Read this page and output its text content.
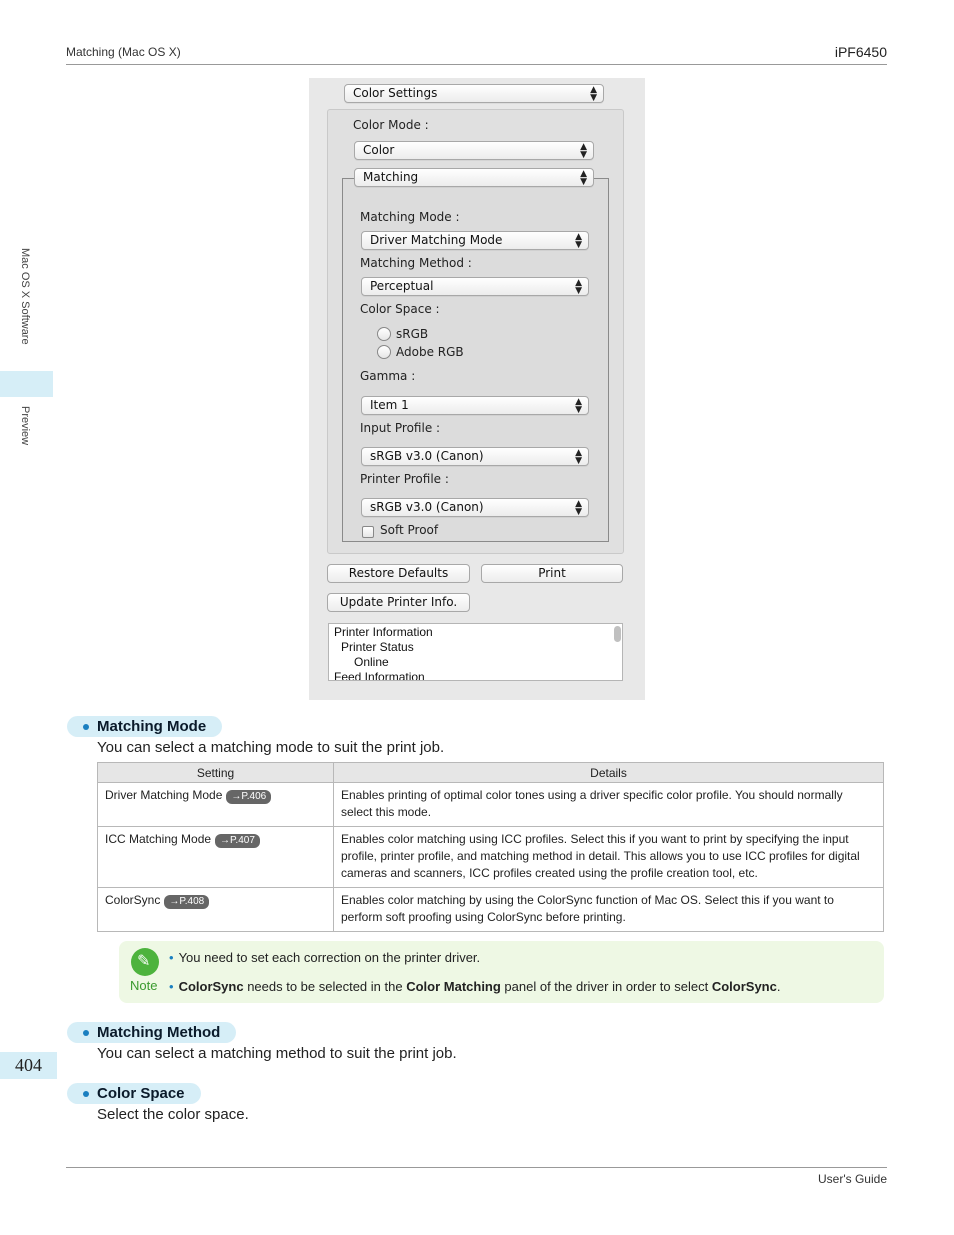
Matching (Mac OS X)	iPF6450
Mac OS X Software
Preview
404
Color Settings	▲
▼
Color Mode :
Color	▲
▼
Matching Mode :
Driver Matching Mode	▲
▼
Matching Method :
Perceptual	▲
▼
Color Space :
sRGB
Adobe RGB
Gamma :
Item 1	▲
▼
Input Profile :
sRGB v3.0 (Canon)	▲
▼
Printer Profile :
sRGB v3.0 (Canon)	▲
▼
Soft Proof
Matching	▲
▼
Restore Defaults	Print
Update Printer Info.
Printer Information
Printer Status
Online
Feed Information
Matching Mode
You can select a matching mode to suit the print job.
Setting	Details
Driver Matching Mode →P.406	Enables printing of optimal color tones using a driver specific color profile. You should normally select this mode.
ICC Matching Mode →P.407	Enables color matching using ICC profiles. Select this if you want to print by specifying the input profile, printer profile, and matching method in detail. This allows you to use ICC profiles for digital cameras and scanners, ICC profiles created using the profile creation tool, etc.
ColorSync →P.408	Enables color matching by using the ColorSync function of Mac OS. Select this if you want to perform soft proofing using ColorSync before printing.
✎
Note
• You need to set each correction on the printer driver.
• ColorSync needs to be selected in the Color Matching panel of the driver in order to select ColorSync.
Matching Method
You can select a matching method to suit the print job.
Color Space
Select the color space.
User's Guide
